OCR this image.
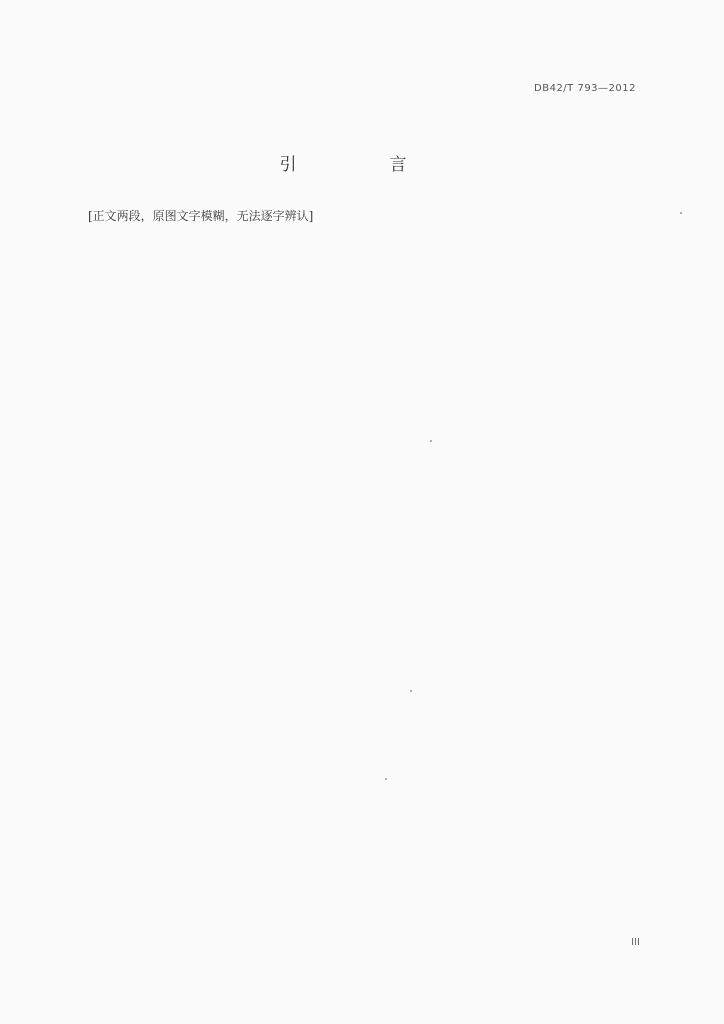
DB42/T 793—2012
引　言

[正文两段，原图文字模糊，无法逐字辨认]

III
